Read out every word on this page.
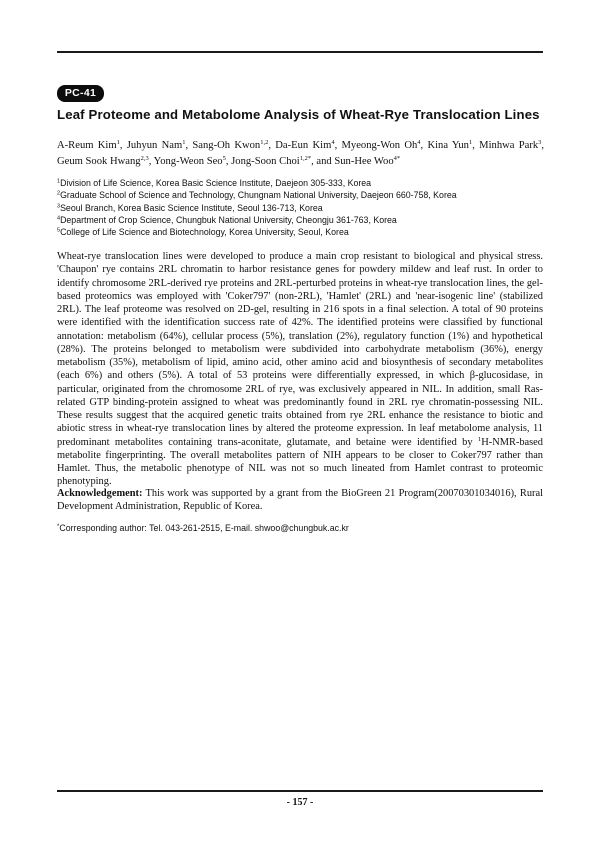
PC-41
Leaf Proteome and Metabolome Analysis of Wheat-Rye Translocation Lines
A-Reum Kim$^1$, Juhyun Nam$^1$, Sang-Oh Kwon$^{1,2}$, Da-Eun Kim$^4$, Myeong-Won Oh$^4$, Kina Yun$^1$, Minhwa Park$^3$, Geum Sook Hwang$^{2,3}$, Yong-Weon Seo$^5$, Jong-Soon Choi$^{1,2*}$, and Sun-Hee Woo$^{4*}$
$^1$Division of Life Science, Korea Basic Science Institute, Daejeon 305-333, Korea
$^2$Graduate School of Science and Technology, Chungnam National University, Daejeon 660-758, Korea
$^3$Seoul Branch, Korea Basic Science Institute, Seoul 136-713, Korea
$^4$Department of Crop Science, Chungbuk National University, Cheongju 361-763, Korea
$^5$College of Life Science and Biotechnology, Korea University, Seoul, Korea
Wheat-rye translocation lines were developed to produce a main crop resistant to biological and physical stress. 'Chaupon' rye contains 2RL chromatin to harbor resistance genes for powdery mildew and leaf rust. In order to identify chromosome 2RL-derived rye proteins and 2RL-perturbed proteins in wheat-rye translocation lines, the gel-based proteomics was employed with 'Coker797' (non-2RL), 'Hamlet' (2RL) and 'near-isogenic line' (stabilized 2RL). The leaf proteome was resolved on 2D-gel, resulting in 216 spots in a final selection. A total of 90 proteins were identified with the identification success rate of 42%. The identified proteins were classified by functional annotation: metabolism (64%), cellular process (5%), translation (2%), regulatory function (1%) and hypothetical (28%). The proteins belonged to metabolism were subdivided into carbohydrate metabolism (36%), energy metabolism (35%), metabolism of lipid, amino acid, other amino acid and biosynthesis of secondary metabolites (each 6%) and others (5%). A total of 53 proteins were differentially expressed, in which β-glucosidase, in particular, originated from the chromosome 2RL of rye, was exclusively appeared in NIL. In addition, small Ras-related GTP binding-protein assigned to wheat was predominantly found in 2RL rye chromatin-possessing NIL. These results suggest that the acquired genetic traits obtained from rye 2RL enhance the resistance to biotic and abiotic stress in wheat-rye translocation lines by altered the proteome expression. In leaf metabolome analysis, 11 predominant metabolites containing trans-aconitate, glutamate, and betaine were identified by $^1$H-NMR-based metabolite fingerprinting. The overall metabolites pattern of NIH appears to be closer to Coker797 rather than Hamlet. Thus, the metabolic phenotype of NIL was not so much lineated from Hamlet contrast to proteomic phenotyping.
Acknowledgement: This work was supported by a grant from the BioGreen 21 Program(20070301034016), Rural Development Administration, Republic of Korea.
*Corresponding author: Tel. 043-261-2515, E-mail. shwoo@chungbuk.ac.kr
- 157 -
